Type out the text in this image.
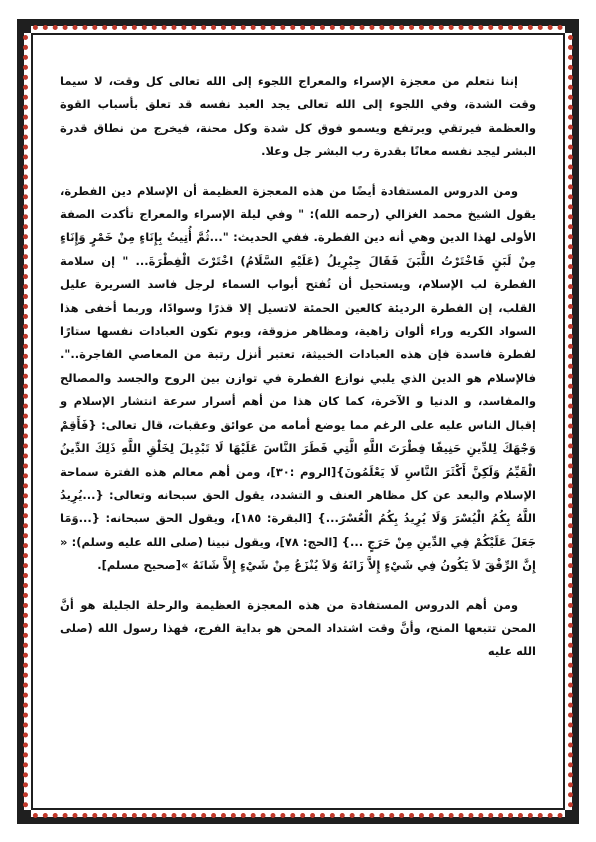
إننا نتعلم من معجزة الإسراء والمعراج اللجوء إلى الله تعالى كل وقت، لا سيما وقت الشدة، وفي اللجوء إلى الله تعالى يجد العبد نفسه قد تعلق بأسباب القوة والعظمة فيرتقي ويرتفع ويسمو فوق كل شدة وكل محنة، فيخرج من نطاق قدرة البشر ليجد نفسه معانًا بقدرة رب البشر جل وعلا.

ومن الدروس المستفادة أيضًا من هذه المعجزة العظيمة أن الإسلام دين الفطرة، يقول الشيخ محمد الغزالي (رحمه الله): " وفي ليلة الإسراء والمعراج تأكدت الصفة الأولى لهذا الدين وهي أنه دين الفطرة. ففي الحديث: "...ثُمَّ أُتِيتُ بِإِنَاءٍ مِنْ خَمْرٍ وَإِنَاءٍ مِنْ لَبَنٍ فَاخْتَرْتُ اللَّبَنَ فَقَالَ جِبْرِيلُ (عَلَيْهِ السَّلَامُ) اخْتَرْتَ الْفِطْرَةَ... " إن سلامة الفطرة لب الإسلام، ويستحيل أن تُفتح أبواب السماء لرجل فاسد السريرة عليل القلب، إن الفطرة الرديئة كالعين الحمئة لاتسيل إلا قذرًا وسوادًا، وربما أخفى هذا السواد الكريه وراء ألوان زاهية، ومظاهر مزوقة، ويوم تكون العبادات نفسها ستارًا لفطرة فاسدة فإن هذه العبادات الخبيثة، تعتبر أنزل رتبة من المعاصي الفاجرة..". فالإسلام هو الدين الذي يلبي نوازع الفطرة في توازن بين الروح والجسد والمصالح والمفاسد، و الدنيا و الآخرة، كما كان هذا من أهم أسرار سرعة انتشار الإسلام و إقبال الناس عليه على الرغم مما يوضع أمامه من عوائق وعقبات، قال تعالى: {فَأَقِمْ وَجْهَكَ لِلدِّينِ حَنِيفًا فِطْرَتَ اللَّهِ الَّتِي فَطَرَ النَّاسَ عَلَيْهَا لَا تَبْدِيلَ لِخَلْقِ اللَّهِ ذَلِكَ الدِّينُ الْقَيِّمُ وَلَكِنَّ أَكْثَرَ النَّاسِ لَا يَعْلَمُونَ}[الروم :٣٠]، ومن أهم معالم هذه الفترة سماحة الإسلام والبعد عن كل مظاهر العنف و التشدد، يقول الحق سبحانه وتعالى: {...يُرِيدُ اللَّهُ بِكُمُ الْيُسْرَ وَلَا يُرِيدُ بِكُمُ الْعُسْرَ...} [البقرة: ١٨٥]، ويقول الحق سبحانه: {...وَمَا جَعَلَ عَلَيْكُمْ فِي الدِّينِ مِنْ حَرَجٍ ...} [الحج: ٧٨]، ويقول نبينا (صلى الله عليه وسلم): « إِنَّ الرِّفْقَ لاَ يَكُونُ فِي شَيْءٍ إِلاَّ زَانَهُ وَلاَ يُنْزَعُ مِنْ شَيْءٍ إِلاَّ شَانَهُ »[صحيح مسلم].

ومن أهم الدروس المستفادة من هذه المعجزة العظيمة والرحلة الجليلة هو أنَّ المحن تتبعها المنح، وأنَّ وقت اشتداد المحن هو بداية الفرج، فهذا رسول الله (صلى الله عليه
